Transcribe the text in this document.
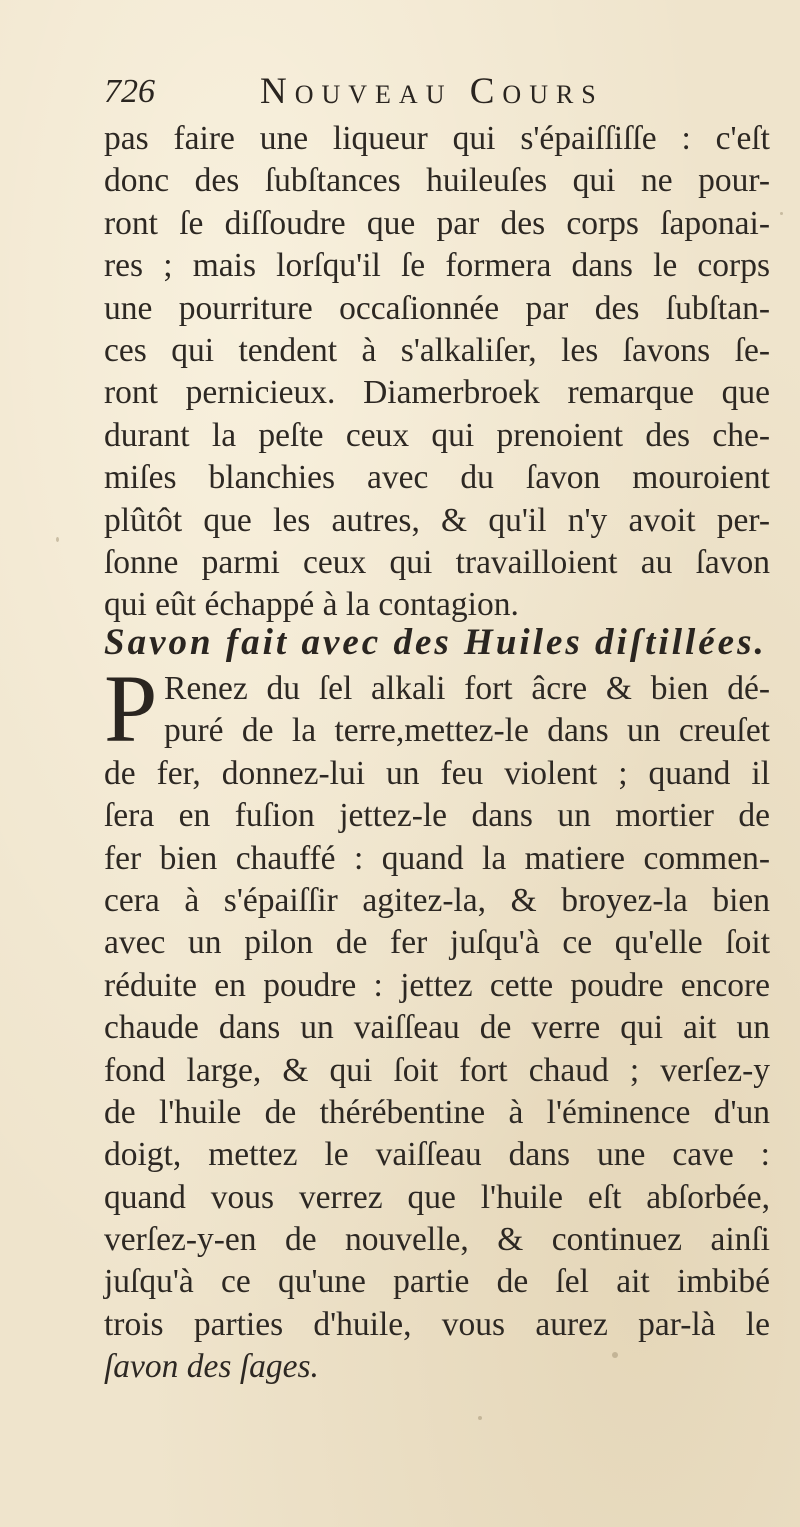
726	Nouveau Cours
pas faire une liqueur qui s'épaiſſiſſe : c'eſt
donc des ſubſtances huileuſes qui ne pour-
ront ſe diſſoudre que par des corps ſaponai-
res ; mais lorſqu'il ſe formera dans le corps
une pourriture occaſionnée par des ſubſtan-
ces qui tendent à s'alkaliſer, les ſavons ſe-
ront pernicieux. Diamerbroek remarque que
durant la peſte ceux qui prenoient des che-
miſes blanchies avec du ſavon mouroient
plûtôt que les autres, & qu'il n'y avoit per-
ſonne parmi ceux qui travailloient au ſavon
qui eût échappé à la contagion.
Savon fait avec des Huiles diſtillées.
P Renez du ſel alkali fort âcre & bien dé-
puré de la terre,mettez-le dans un creuſet
de fer, donnez-lui un feu violent ; quand il
ſera en fuſion jettez-le dans un mortier de
fer bien chauffé : quand la matiere commen-
cera à s'épaiſſir agitez-la, & broyez-la bien
avec un pilon de fer juſqu'à ce qu'elle ſoit
réduite en poudre : jettez cette poudre encore
chaude dans un vaiſſeau de verre qui ait un
fond large, & qui ſoit fort chaud ; verſez-y
de l'huile de thérébentine à l'éminence d'un
doigt, mettez le vaiſſeau dans une cave :
quand vous verrez que l'huile eſt abſorbée,
verſez-y-en de nouvelle, & continuez ainſi
juſqu'à ce qu'une partie de ſel ait imbibé
trois parties d'huile, vous aurez par-là le
ſavon des ſages.
